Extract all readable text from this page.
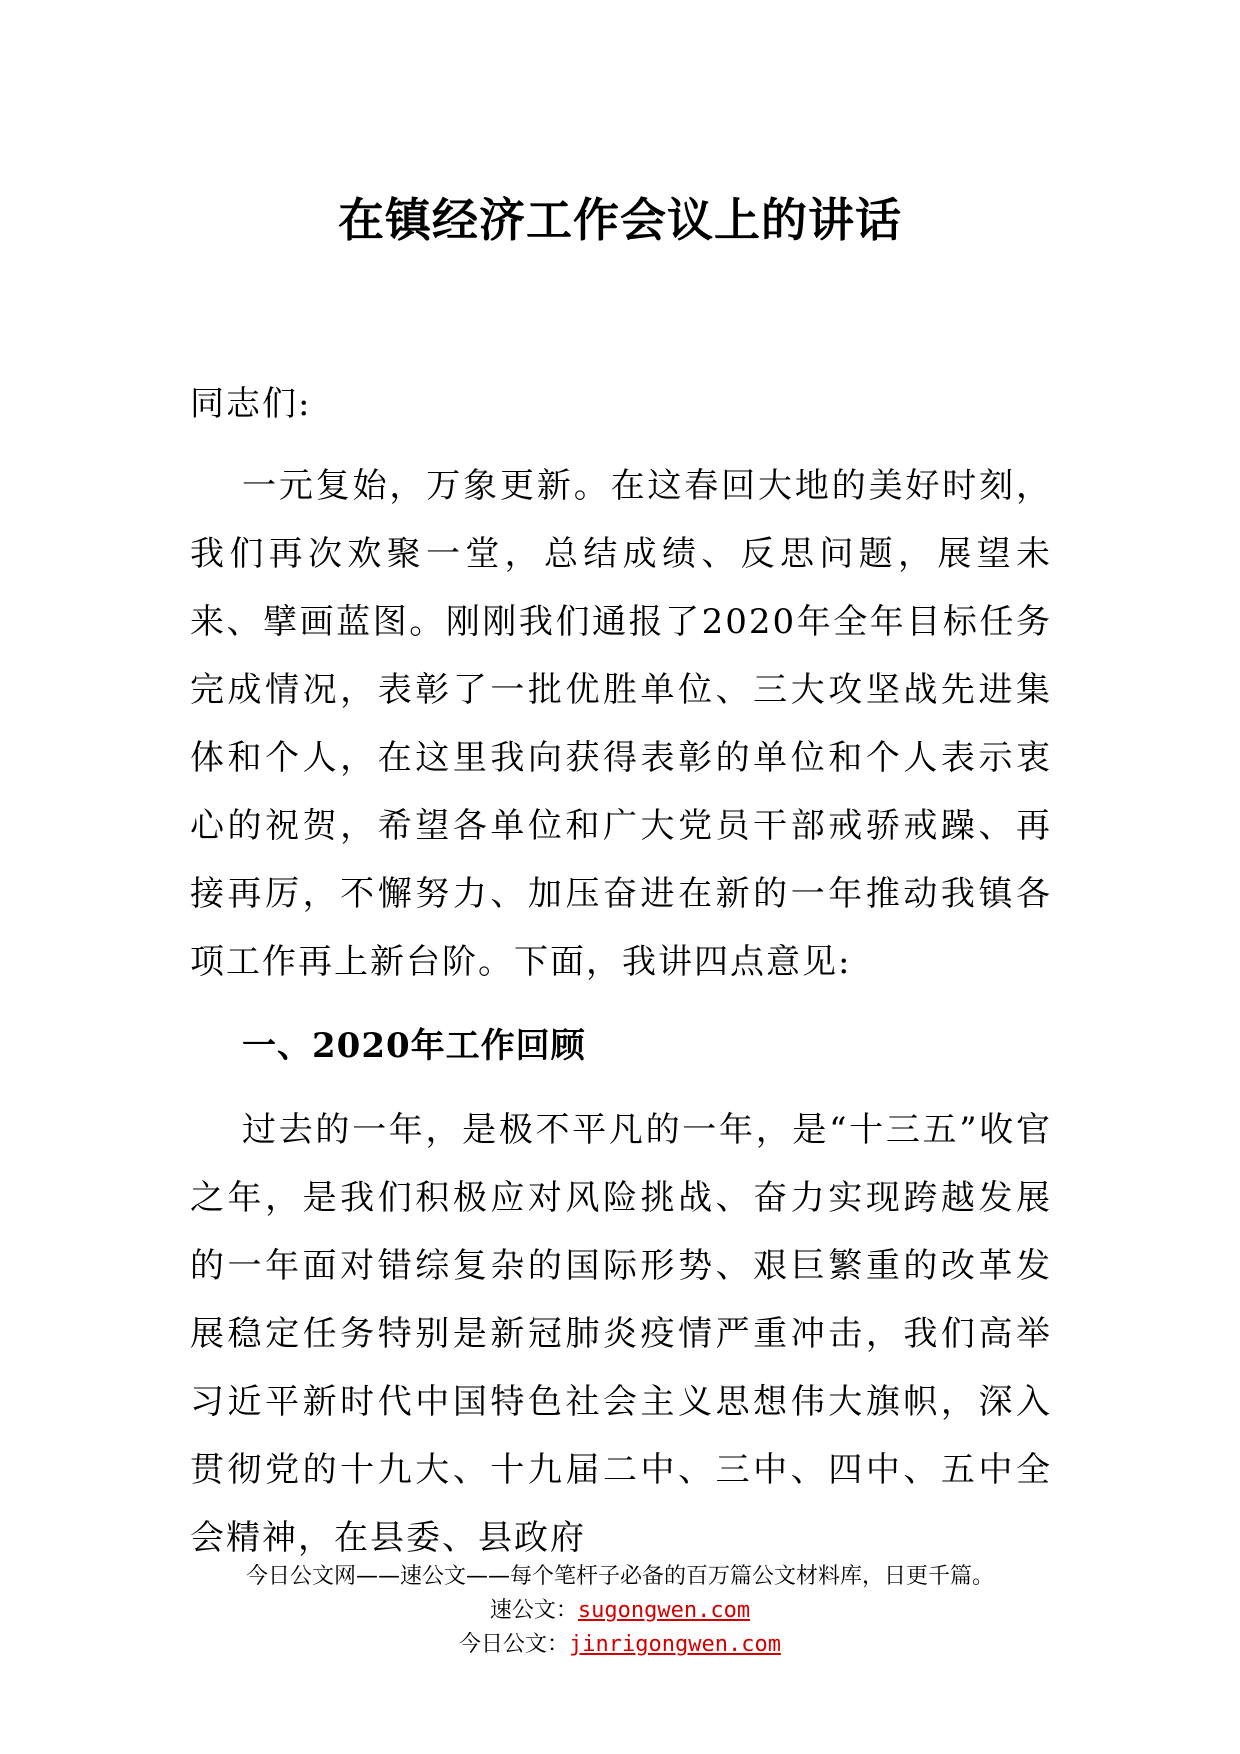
在镇经济工作会议上的讲话

同志们:

一元复始，万象更新。在这春回大地的美好时刻，我们再次欢聚一堂，总结成绩、反思问题，展望未来、擘画蓝图。刚刚我们通报了2020年全年目标任务完成情况，表彰了一批优胜单位、三大攻坚战先进集体和个人，在这里我向获得表彰的单位和个人表示衷心的祝贺，希望各单位和广大党员干部戒骄戒躁、再接再厉，不懈努力、加压奋进在新的一年推动我镇各项工作再上新台阶。下面，我讲四点意见:

一、2020年工作回顾

过去的一年，是极不平凡的一年，是“十三五”收官之年，是我们积极应对风险挑战、奋力实现跨越发展的一年面对错综复杂的国际形势、艰巨繁重的改革发展稳定任务特别是新冠肺炎疫情严重冲击，我们高举习近平新时代中国特色社会主义思想伟大旗帜，深入贯彻党的十九大、十九届二中、三中、四中、五中全会精神，在县委、县政府

今日公文网——速公文——每个笔杆子必备的百万篇公文材料库，日更千篇。
速公文：sugongwen.com
今日公文：jinrigongwen.com
